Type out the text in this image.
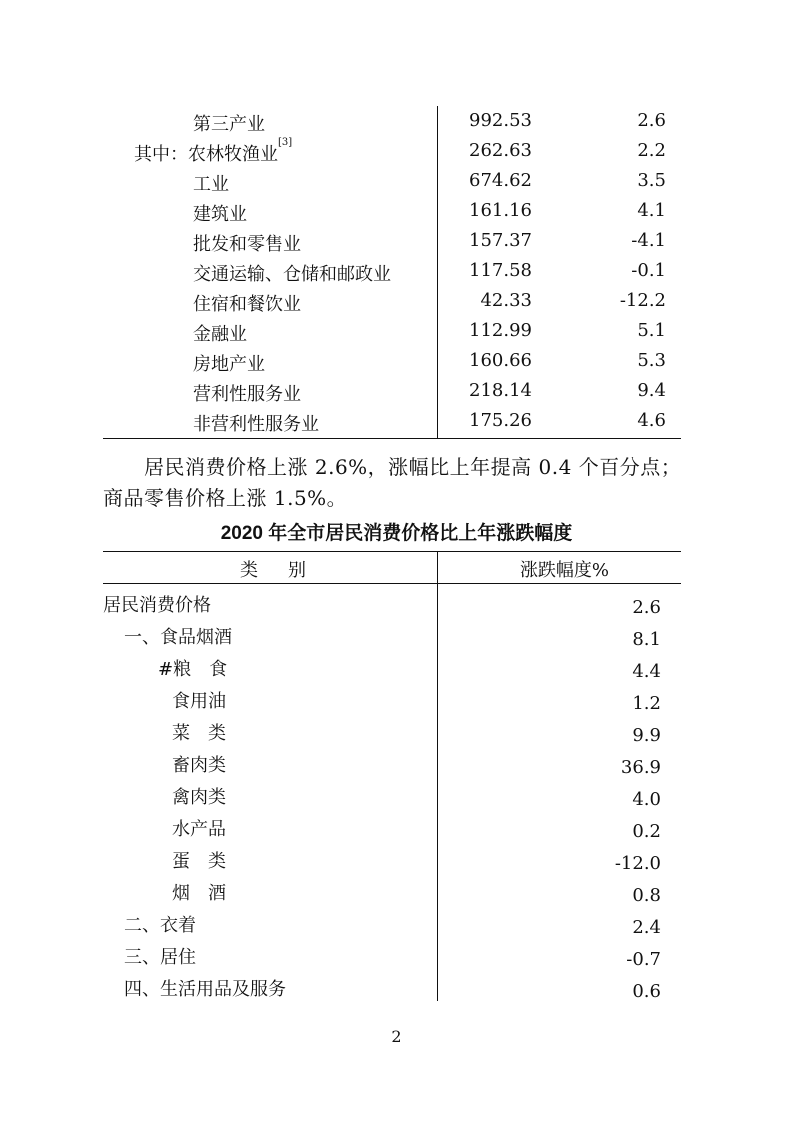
第三产业	992.53	2.6
其中：农林牧渔业[3]	262.63	2.2
工业	674.62	3.5
建筑业	161.16	4.1
批发和零售业	157.37	-4.1
交通运输、仓储和邮政业	117.58	-0.1
住宿和餐饮业	42.33	-12.2
金融业	112.99	5.1
房地产业	160.66	5.3
营利性服务业	218.14	9.4
非营利性服务业	175.26	4.6
居民消费价格上涨 2.6%，涨幅比上年提高 0.4 个百分点；
商品零售价格上涨 1.5%。
2020 年全市居民消费价格比上年涨跌幅度
类别	涨跌幅度%
居民消费价格	2.6
一、食品烟酒	8.1
#粮　食	4.4
食用油	1.2
菜　类	9.9
畜肉类	36.9
禽肉类	4.0
水产品	0.2
蛋　类	-12.0
烟　酒	0.8
二、衣着	2.4
三、居住	-0.7
四、生活用品及服务	0.6
2
